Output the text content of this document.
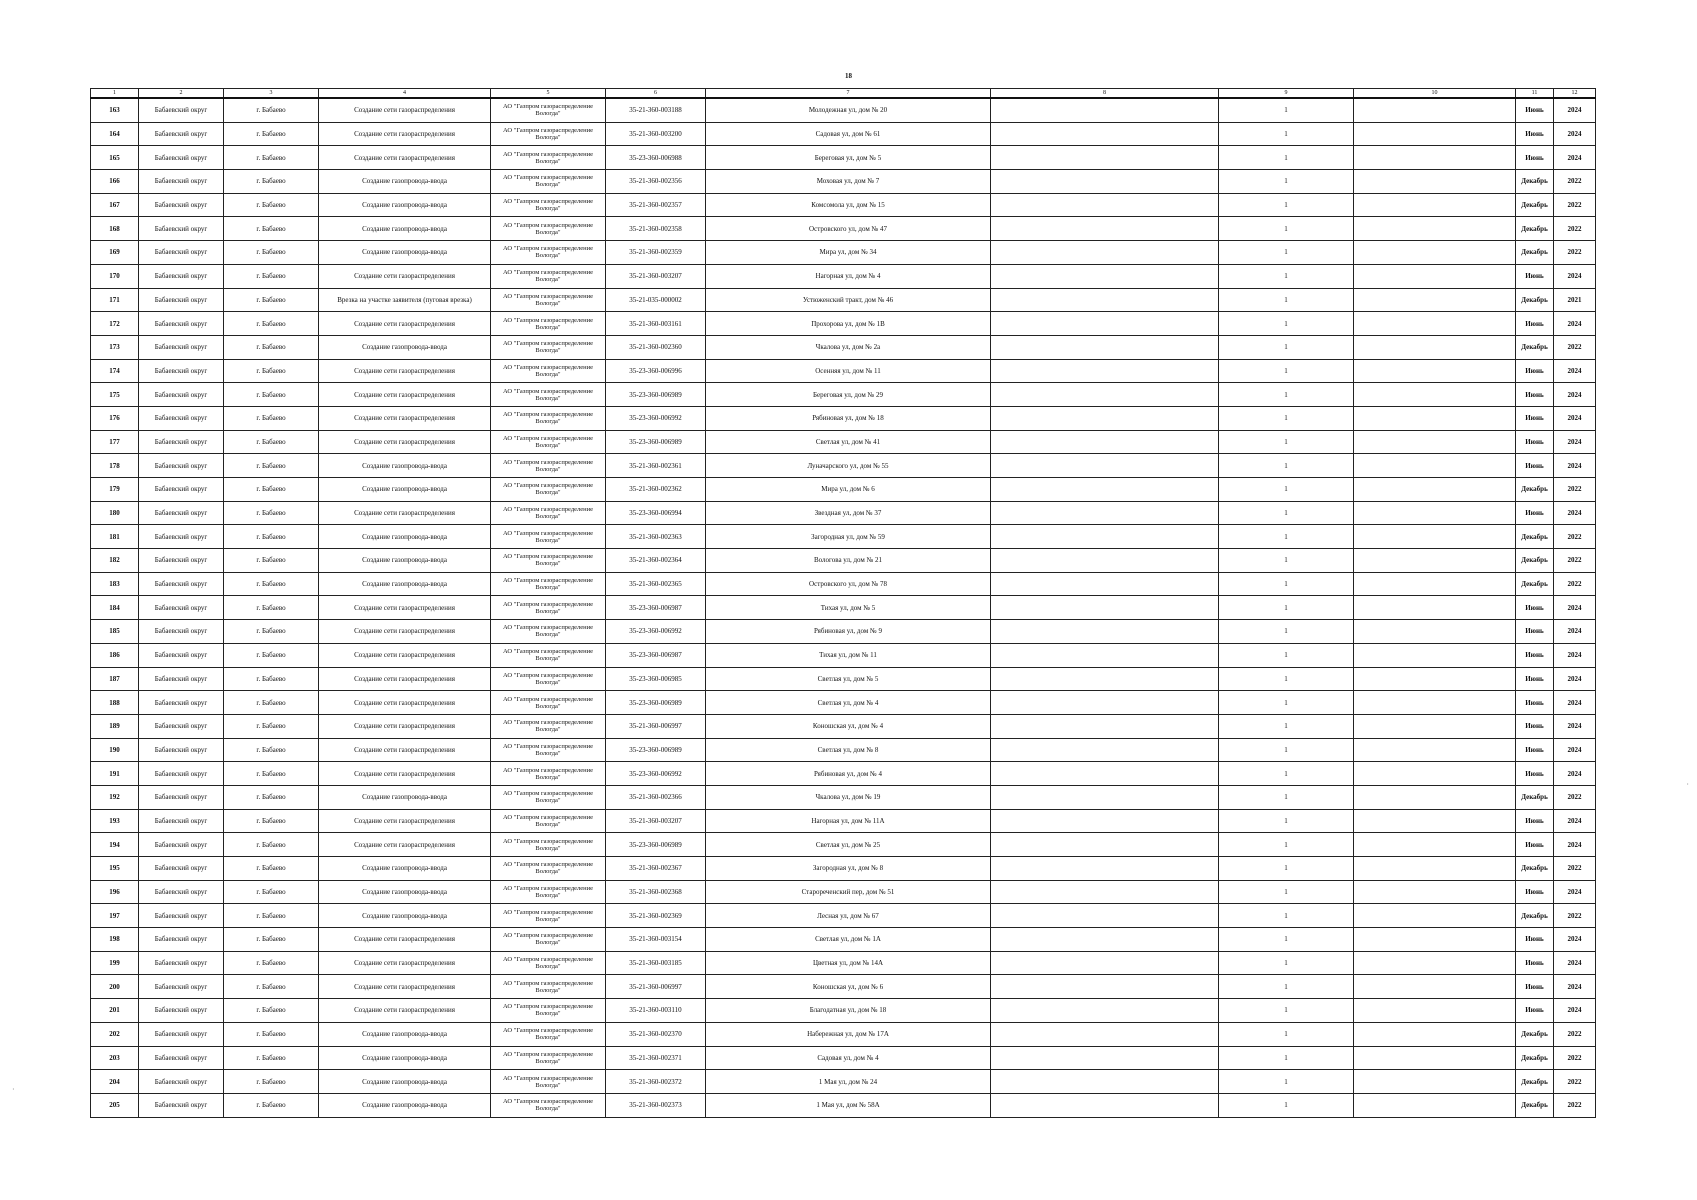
18
1	2	3	4	5	6	7	8	9	10	11	12
163	Бабаевский округ	г. Бабаево	Создание сети газораспределения	АО "Газпром газораспределение Вологда"	35-21-360-003188	Молодежная ул, дом № 20		1		Июнь	2024
164	Бабаевский округ	г. Бабаево	Создание сети газораспределения	АО "Газпром газораспределение Вологда"	35-21-360-003200	Садовая ул, дом № 61		1		Июнь	2024
165	Бабаевский округ	г. Бабаево	Создание сети газораспределения	АО "Газпром газораспределение Вологда"	35-23-360-006988	Береговая ул, дом № 5		1		Июнь	2024
166	Бабаевский округ	г. Бабаево	Создание газопровода-ввода	АО "Газпром газораспределение Вологда"	35-21-360-002356	Моховая ул, дом № 7		1		Декабрь	2022
167	Бабаевский округ	г. Бабаево	Создание газопровода-ввода	АО "Газпром газораспределение Вологда"	35-21-360-002357	Комсомола ул, дом № 15		1		Декабрь	2022
168	Бабаевский округ	г. Бабаево	Создание газопровода-ввода	АО "Газпром газораспределение Вологда"	35-21-360-002358	Островского ул, дом № 47		1		Декабрь	2022
169	Бабаевский округ	г. Бабаево	Создание газопровода-ввода	АО "Газпром газораспределение Вологда"	35-21-360-002359	Мира ул, дом № 34		1		Декабрь	2022
170	Бабаевский округ	г. Бабаево	Создание сети газораспределения	АО "Газпром газораспределение Вологда"	35-21-360-003207	Нагорная ул, дом № 4		1		Июнь	2024
171	Бабаевский округ	г. Бабаево	Врезка на участке заявителя (пуговая врезка)	АО "Газпром газораспределение Вологда"	35-21-035-000002	Устюженский тракт, дом № 46		1		Декабрь	2021
172	Бабаевский округ	г. Бабаево	Создание сети газораспределения	АО "Газпром газораспределение Вологда"	35-21-360-003161	Прохорова ул, дом № 1В		1		Июнь	2024
173	Бабаевский округ	г. Бабаево	Создание газопровода-ввода	АО "Газпром газораспределение Вологда"	35-21-360-002360	Чкалова ул, дом № 2а		1		Декабрь	2022
174	Бабаевский округ	г. Бабаево	Создание сети газораспределения	АО "Газпром газораспределение Вологда"	35-23-360-006996	Осенняя ул, дом № 11		1		Июнь	2024
175	Бабаевский округ	г. Бабаево	Создание сети газораспределения	АО "Газпром газораспределение Вологда"	35-23-360-006989	Береговая ул, дом № 29		1		Июнь	2024
176	Бабаевский округ	г. Бабаево	Создание сети газораспределения	АО "Газпром газораспределение Вологда"	35-23-360-006992	Рябиновая ул, дом № 18		1		Июнь	2024
177	Бабаевский округ	г. Бабаево	Создание сети газораспределения	АО "Газпром газораспределение Вологда"	35-23-360-006989	Светлая ул, дом № 41		1		Июнь	2024
178	Бабаевский округ	г. Бабаево	Создание газопровода-ввода	АО "Газпром газораспределение Вологда"	35-21-360-002361	Луначарского ул, дом № 55		1		Июнь	2024
179	Бабаевский округ	г. Бабаево	Создание газопровода-ввода	АО "Газпром газораспределение Вологда"	35-21-360-002362	Мира ул, дом № 6		1		Декабрь	2022
180	Бабаевский округ	г. Бабаево	Создание сети газораспределения	АО "Газпром газораспределение Вологда"	35-23-360-006994	Звездная ул, дом № 37		1		Июнь	2024
181	Бабаевский округ	г. Бабаево	Создание газопровода-ввода	АО "Газпром газораспределение Вологда"	35-21-360-002363	Загородная ул, дом № 59		1		Декабрь	2022
182	Бабаевский округ	г. Бабаево	Создание газопровода-ввода	АО "Газпром газораспределение Вологда"	35-21-360-002364	Вологова ул, дом № 21		1		Декабрь	2022
183	Бабаевский округ	г. Бабаево	Создание газопровода-ввода	АО "Газпром газораспределение Вологда"	35-21-360-002365	Островского ул, дом № 78		1		Декабрь	2022
184	Бабаевский округ	г. Бабаево	Создание сети газораспределения	АО "Газпром газораспределение Вологда"	35-23-360-006987	Тихая ул, дом № 5		1		Июнь	2024
185	Бабаевский округ	г. Бабаево	Создание сети газораспределения	АО "Газпром газораспределение Вологда"	35-23-360-006992	Рябиновая ул, дом № 9		1		Июнь	2024
186	Бабаевский округ	г. Бабаево	Создание сети газораспределения	АО "Газпром газораспределение Вологда"	35-23-360-006987	Тихая ул, дом № 11		1		Июнь	2024
187	Бабаевский округ	г. Бабаево	Создание сети газораспределения	АО "Газпром газораспределение Вологда"	35-23-360-006985	Светлая ул, дом № 5		1		Июнь	2024
188	Бабаевский округ	г. Бабаево	Создание сети газораспределения	АО "Газпром газораспределение Вологда"	35-23-360-006989	Светлая ул, дом № 4		1		Июнь	2024
189	Бабаевский округ	г. Бабаево	Создание сети газораспределения	АО "Газпром газораспределение Вологда"	35-21-360-006997	Коношская ул, дом № 4		1		Июнь	2024
190	Бабаевский округ	г. Бабаево	Создание сети газораспределения	АО "Газпром газораспределение Вологда"	35-23-360-006989	Светлая ул, дом № 8		1		Июнь	2024
191	Бабаевский округ	г. Бабаево	Создание сети газораспределения	АО "Газпром газораспределение Вологда"	35-23-360-006992	Рябиновая ул, дом № 4		1		Июнь	2024
192	Бабаевский округ	г. Бабаево	Создание газопровода-ввода	АО "Газпром газораспределение Вологда"	35-21-360-002366	Чкалова ул, дом № 19		1		Декабрь	2022
193	Бабаевский округ	г. Бабаево	Создание сети газораспределения	АО "Газпром газораспределение Вологда"	35-21-360-003207	Нагорная ул, дом № 11А		1		Июнь	2024
194	Бабаевский округ	г. Бабаево	Создание сети газораспределения	АО "Газпром газораспределение Вологда"	35-23-360-006989	Светлая ул, дом № 25		1		Июнь	2024
195	Бабаевский округ	г. Бабаево	Создание газопровода-ввода	АО "Газпром газораспределение Вологда"	35-21-360-002367	Загородная ул, дом № 8		1		Декабрь	2022
196	Бабаевский округ	г. Бабаево	Создание газопровода-ввода	АО "Газпром газораспределение Вологда"	35-21-360-002368	Старореченский пер, дом № 51		1		Июнь	2024
197	Бабаевский округ	г. Бабаево	Создание газопровода-ввода	АО "Газпром газораспределение Вологда"	35-21-360-002369	Лесная ул, дом № 67		1		Декабрь	2022
198	Бабаевский округ	г. Бабаево	Создание сети газораспределения	АО "Газпром газораспределение Вологда"	35-21-360-003154	Светлая ул, дом № 1А		1		Июнь	2024
199	Бабаевский округ	г. Бабаево	Создание сети газораспределения	АО "Газпром газораспределение Вологда"	35-21-360-003185	Цветная ул, дом № 14А		1		Июнь	2024
200	Бабаевский округ	г. Бабаево	Создание сети газораспределения	АО "Газпром газораспределение Вологда"	35-21-360-006997	Коношская ул, дом № 6		1		Июнь	2024
201	Бабаевский округ	г. Бабаево	Создание сети газораспределения	АО "Газпром газораспределение Вологда"	35-21-360-003110	Благодатная ул, дом № 18		1		Июнь	2024
202	Бабаевский округ	г. Бабаево	Создание газопровода-ввода	АО "Газпром газораспределение Вологда"	35-21-360-002370	Набережная ул, дом № 17А		1		Декабрь	2022
203	Бабаевский округ	г. Бабаево	Создание газопровода-ввода	АО "Газпром газораспределение Вологда"	35-21-360-002371	Садовая ул, дом № 4		1		Декабрь	2022
204	Бабаевский округ	г. Бабаево	Создание газопровода-ввода	АО "Газпром газораспределение Вологда"	35-21-360-002372	1 Мая ул, дом № 24		1		Декабрь	2022
205	Бабаевский округ	г. Бабаево	Создание газопровода-ввода	АО "Газпром газораспределение Вологда"	35-21-360-002373	1 Мая ул, дом № 58А		1		Декабрь	2022
·
·
